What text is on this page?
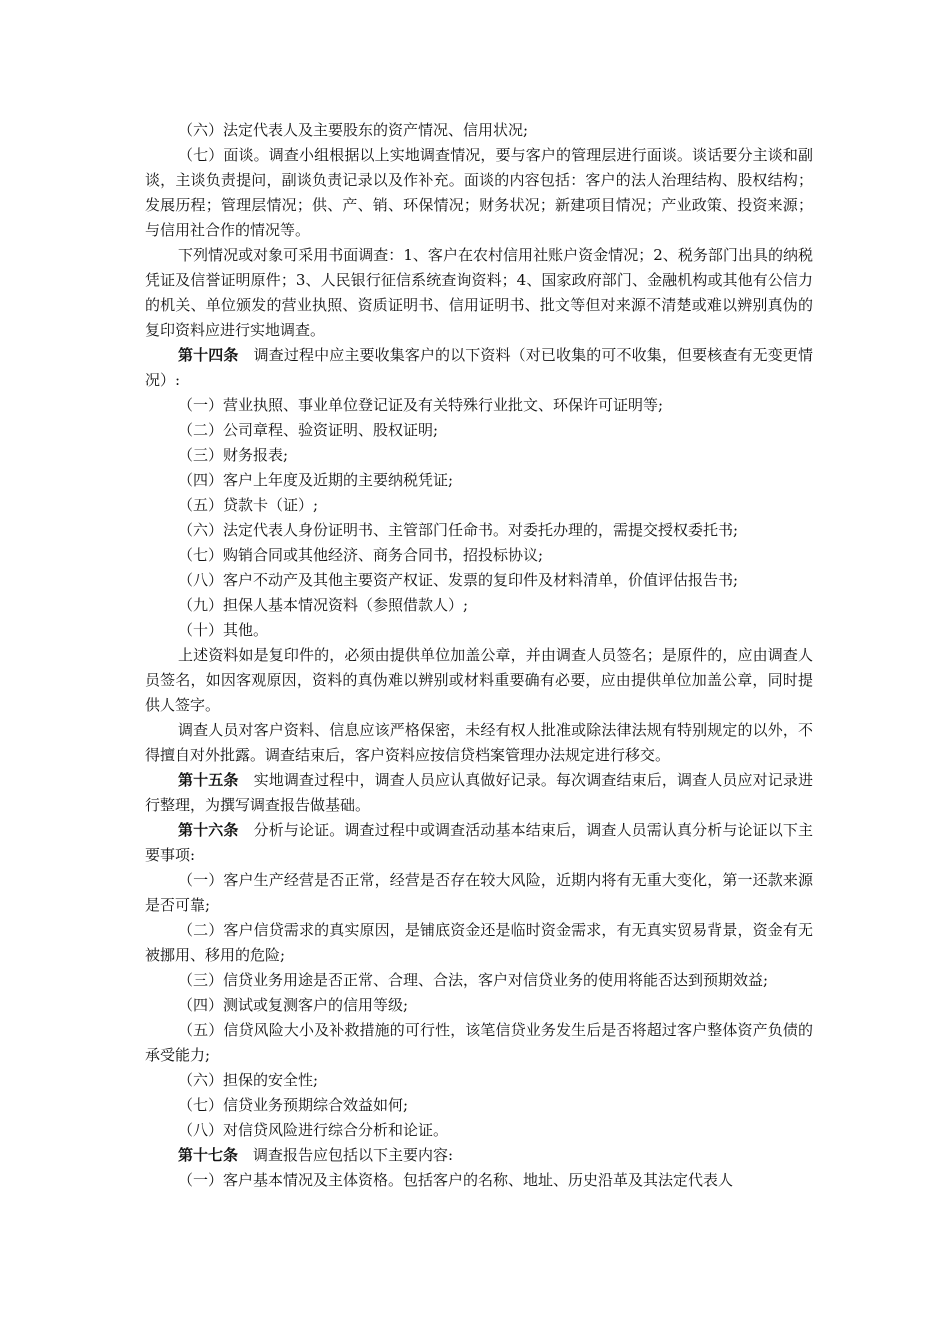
（六）法定代表人及主要股东的资产情况、信用状况;

（七）面谈。调查小组根据以上实地调查情况，要与客户的管理层进行面谈。谈话要分主谈和副谈，主谈负责提问，副谈负责记录以及作补充。面谈的内容包括：客户的法人治理结构、股权结构；发展历程；管理层情况；供、产、销、环保情况；财务状况；新建项目情况；产业政策、投资来源；与信用社合作的情况等。

下列情况或对象可采用书面调查：1、客户在农村信用社账户资金情况；2、税务部门出具的纳税凭证及信誉证明原件；3、人民银行征信系统查询资料；4、国家政府部门、金融机构或其他有公信力的机关、单位颁发的营业执照、资质证明书、信用证明书、批文等但对来源不清楚或难以辨别真伪的复印资料应进行实地调查。

第十四条　 调查过程中应主要收集客户的以下资料（对已收集的可不收集，但要核查有无变更情况）:

（一）营业执照、事业单位登记证及有关特殊行业批文、环保许可证明等;

（二）公司章程、验资证明、股权证明;

（三）财务报表;

（四）客户上年度及近期的主要纳税凭证;

（五）贷款卡（证）;

（六）法定代表人身份证明书、主管部门任命书。对委托办理的，需提交授权委托书;

（七）购销合同或其他经济、商务合同书，招投标协议;

（八）客户不动产及其他主要资产权证、发票的复印件及材料清单，价值评估报告书;

（九）担保人基本情况资料（参照借款人）;

（十）其他。

上述资料如是复印件的，必须由提供单位加盖公章，并由调查人员签名；是原件的，应由调查人员签名，如因客观原因，资料的真伪难以辨别或材料重要确有必要，应由提供单位加盖公章，同时提供人签字。

调查人员对客户资料、信息应该严格保密，未经有权人批准或除法律法规有特别规定的以外，不得擅自对外批露。调查结束后，客户资料应按信贷档案管理办法规定进行移交。

第十五条　 实地调查过程中，调查人员应认真做好记录。每次调查结束后，调查人员应对记录进行整理，为撰写调查报告做基础。

第十六条　 分析与论证。调查过程中或调查活动基本结束后，调查人员需认真分析与论证以下主要事项:

（一）客户生产经营是否正常，经营是否存在较大风险，近期内将有无重大变化，第一还款来源是否可靠;

（二）客户信贷需求的真实原因，是铺底资金还是临时资金需求，有无真实贸易背景，资金有无被挪用、移用的危险;

（三）信贷业务用途是否正常、合理、合法，客户对信贷业务的使用将能否达到预期效益;

（四）测试或复测客户的信用等级;

（五）信贷风险大小及补救措施的可行性，该笔信贷业务发生后是否将超过客户整体资产负债的承受能力;

（六）担保的安全性;

（七）信贷业务预期综合效益如何;

（八）对信贷风险进行综合分析和论证。

第十七条　 调查报告应包括以下主要内容:

（一）客户基本情况及主体资格。包括客户的名称、地址、历史沿革及其法定代表人
